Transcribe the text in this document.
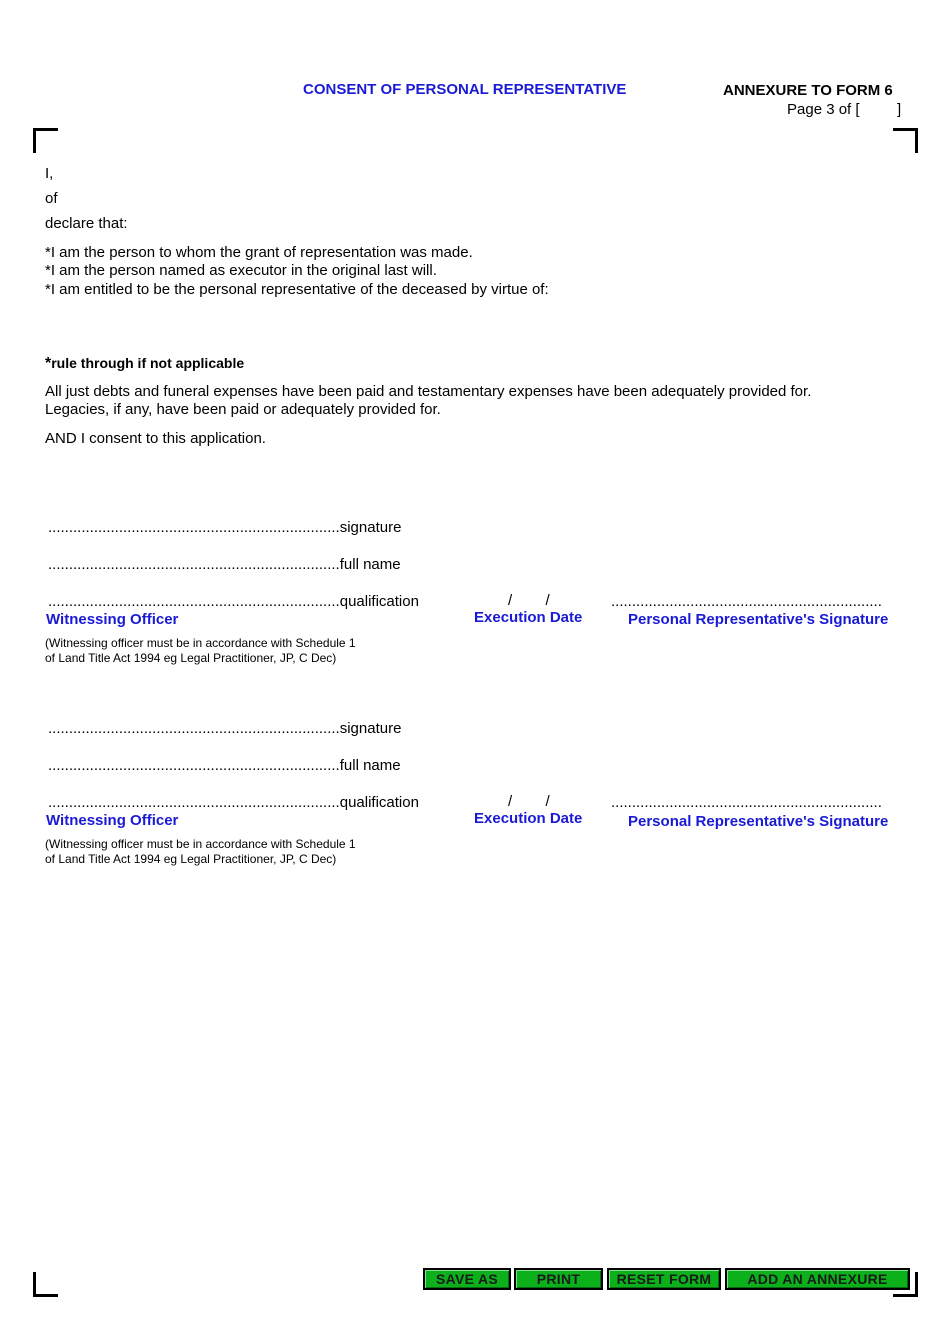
CONSENT OF PERSONAL REPRESENTATIVE	ANNEXURE TO FORM 6
Page 3 of [         ]
I,
of
declare that:
*I am the person to whom the grant of representation was made.
*I am the person named as executor in the original last will.
*I am entitled to be the personal representative of the deceased by virtue of:
*rule through if not applicable
All just debts and funeral expenses have been paid and testamentary expenses have been adequately provided for.
Legacies, if any, have been paid or adequately provided for.
AND I consent to this application.
......................................................................signature
......................................................................full name
......................................................................qualification
Witnessing Officer
(Witnessing officer must be in accordance with Schedule 1
of Land Title Act 1994 eg Legal Practitioner, JP, C Dec)
/        /
Execution Date
.................................................................
Personal Representative's Signature
......................................................................signature
......................................................................full name
......................................................................qualification
Witnessing Officer
(Witnessing officer must be in accordance with Schedule 1
of Land Title Act 1994 eg Legal Practitioner, JP, C Dec)
/        /
Execution Date
.................................................................
Personal Representative's Signature
SAVE AS	PRINT	RESET FORM	ADD AN ANNEXURE
